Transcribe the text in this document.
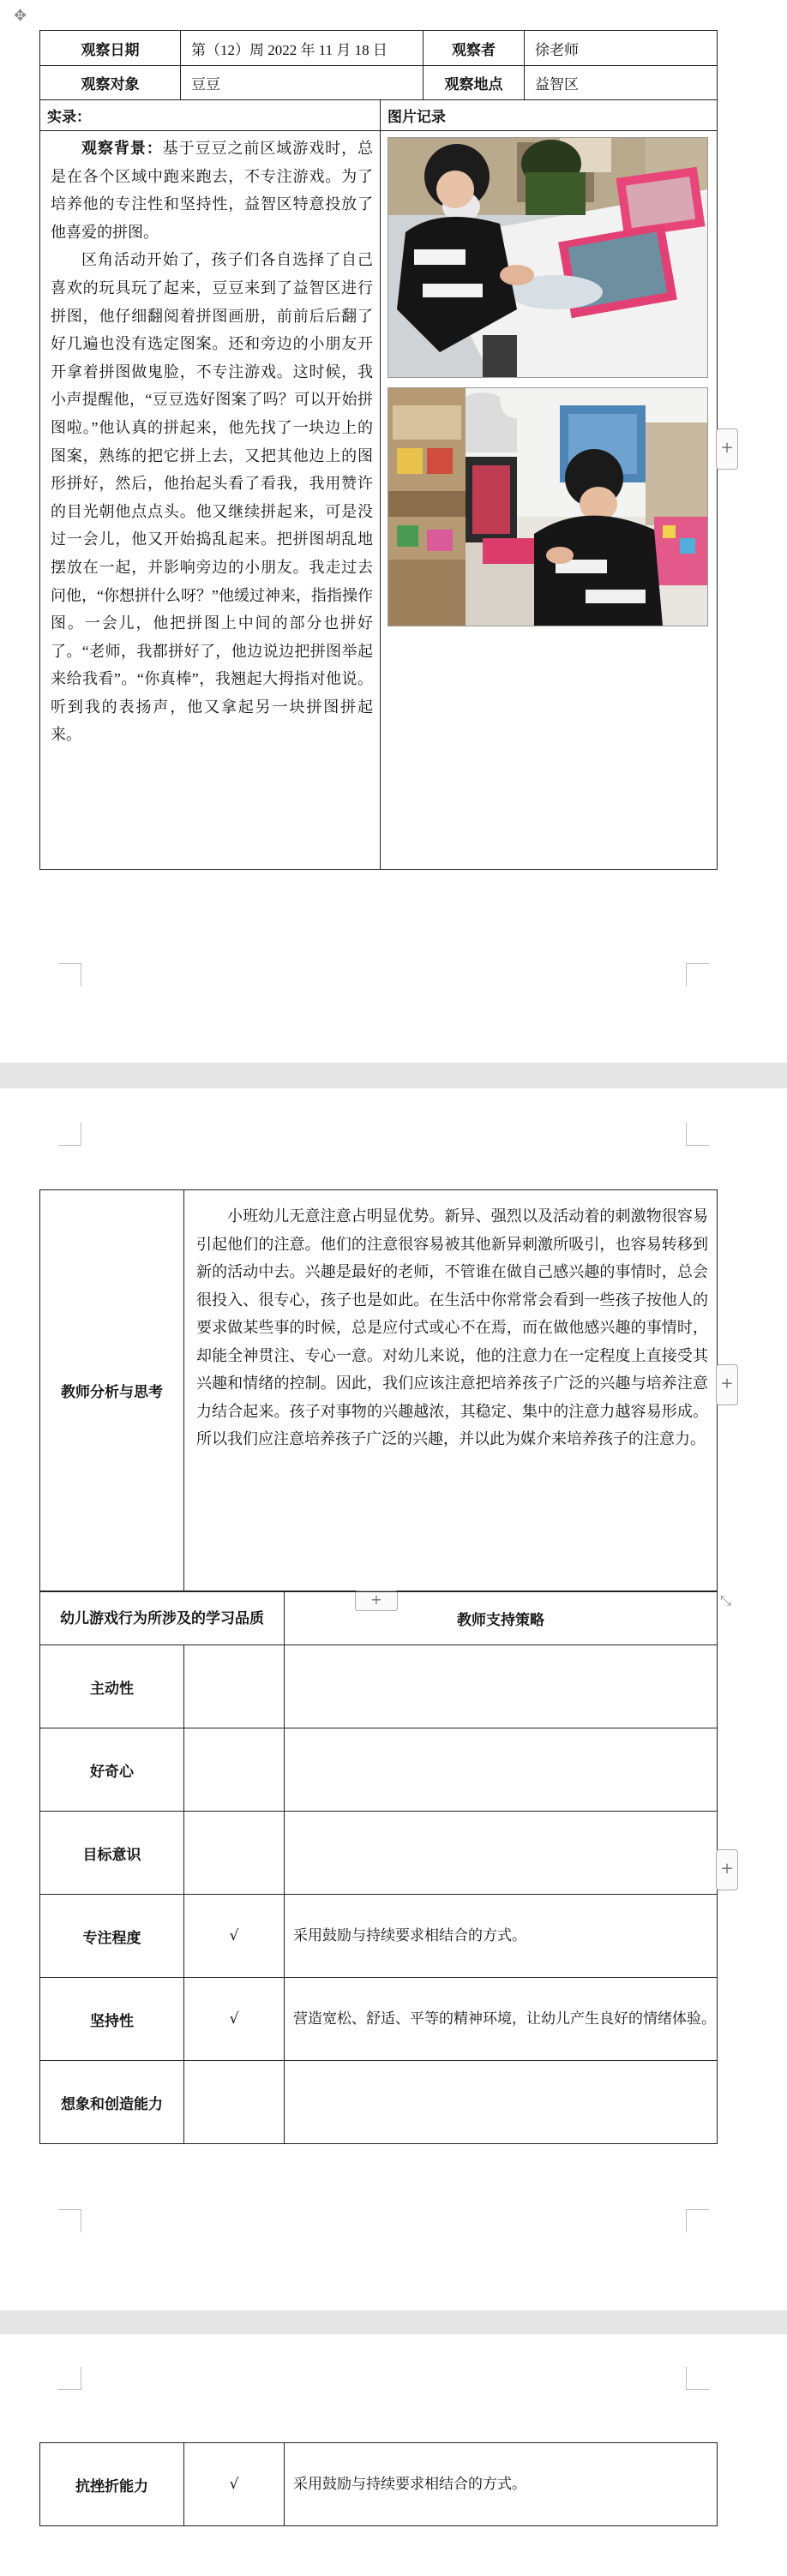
✥
观察日期	第（12）周 2022 年 11 月 18 日	观察者	徐老师
观察对象	豆豆	观察地点	益智区
实录：	图片记录

观察背景：基于豆豆之前区域游戏时，总是在各个区域中跑来跑去，不专注游戏。为了培养他的专注性和坚持性，益智区特意投放了他喜爱的拼图。

区角活动开始了，孩子们各自选择了自己喜欢的玩具玩了起来，豆豆来到了益智区进行拼图，他仔细翻阅着拼图画册，前前后后翻了好几遍也没有选定图案。还和旁边的小朋友开开拿着拼图做鬼脸，不专注游戏。这时候，我小声提醒他，“豆豆选好图案了吗？可以开始拼图啦。”他认真的拼起来，他先找了一块边上的图案，熟练的把它拼上去，又把其他边上的图形拼好，然后，他抬起头看了看我，我用赞许的目光朝他点点头。他又继续拼起来，可是没过一会儿，他又开始捣乱起来。把拼图胡乱地摆放在一起，并影响旁边的小朋友。我走过去问他，“你想拼什么呀？”他缓过神来，指指操作图。一会儿，他把拼图上中间的部分也拼好了。“老师，我都拼好了，他边说边把拼图举起来给我看”。“你真棒”，我翘起大拇指对他说。听到我的表扬声，他又拿起另一块拼图拼起来。	

+
教师分析与思考	小班幼儿无意注意占明显优势。新异、强烈以及活动着的刺激物很容易引起他们的注意。他们的注意很容易被其他新异刺激所吸引，也容易转移到新的活动中去。兴趣是最好的老师，不管谁在做自己感兴趣的事情时，总会很投入、很专心，孩子也是如此。在生活中你常常会看到一些孩子按他人的要求做某些事的时候，总是应付式或心不在焉，而在做他感兴趣的事情时，却能全神贯注、专心一意。对幼儿来说，他的注意力在一定程度上直接受其兴趣和情绪的控制。因此，我们应该注意把培养孩子广泛的兴趣与培养注意力结合起来。孩子对事物的兴趣越浓，其稳定、集中的注意力越容易形成。所以我们应注意培养孩子广泛的兴趣，并以此为媒介来培养孩子的注意力。
+	⤡
+
幼儿游戏行为所涉及的学习品质		教师支持策略
主动性		
好奇心		
目标意识		
专注程度	√	采用鼓励与持续要求相结合的方式。
坚持性	√	营造宽松、舒适、平等的精神环境，让幼儿产生良好的情绪体验。
想象和创造能力		
+
抗挫折能力	√	采用鼓励与持续要求相结合的方式。
